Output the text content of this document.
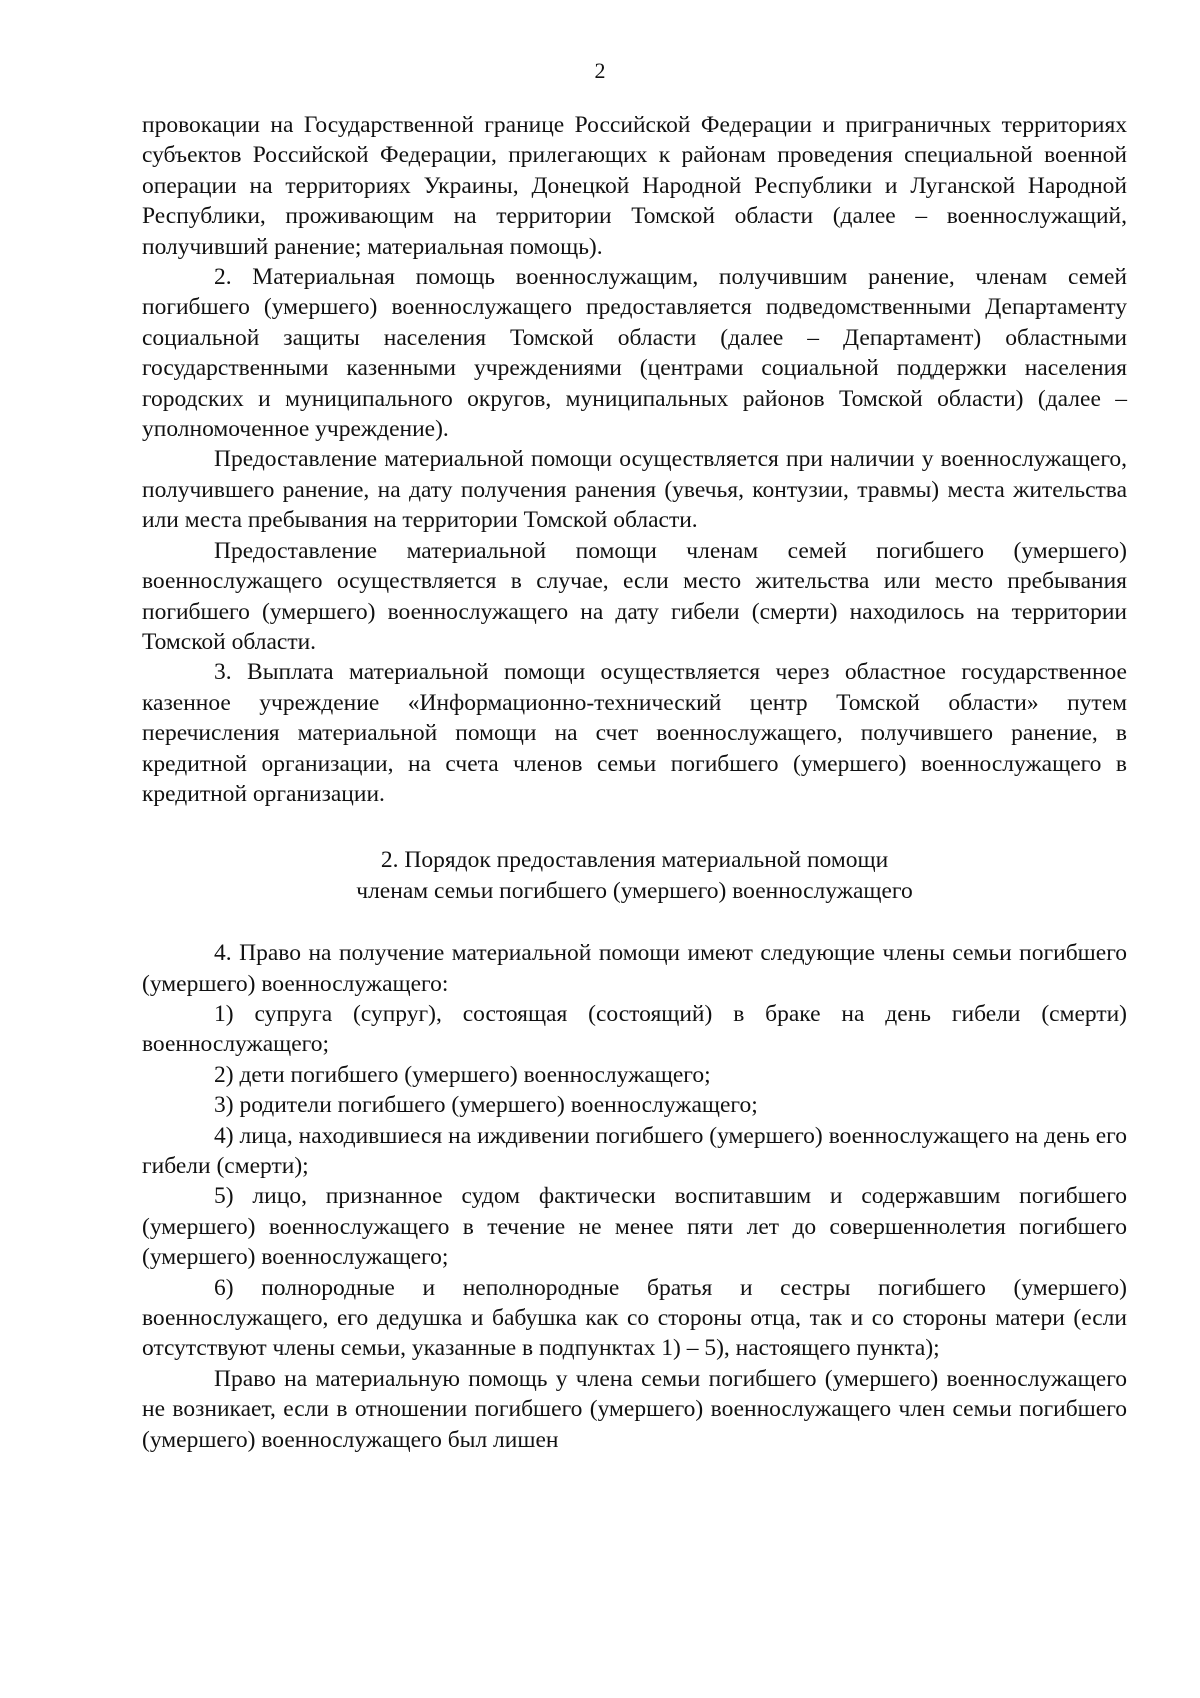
2

провокации на Государственной границе Российской Федерации и приграничных территориях субъектов Российской Федерации, прилегающих к районам проведения специальной военной операции на территориях Украины, Донецкой Народной Республики и Луганской Народной Республики, проживающим на территории Томской области (далее – военнослужащий, получивший ранение; материальная помощь).

2. Материальная помощь военнослужащим, получившим ранение, членам семей погибшего (умершего) военнослужащего предоставляется подведомственными Департаменту социальной защиты населения Томской области (далее – Департамент) областными государственными казенными учреждениями (центрами социальной поддержки населения городских и муниципального округов, муниципальных районов Томской области) (далее – уполномоченное учреждение).

Предоставление материальной помощи осуществляется при наличии у военнослужащего, получившего ранение, на дату получения ранения (увечья, контузии, травмы) места жительства или места пребывания на территории Томской области.

Предоставление материальной помощи членам семей погибшего (умершего) военнослужащего осуществляется в случае, если место жительства или место пребывания погибшего (умершего) военнослужащего на дату гибели (смерти) находилось на территории Томской области.

3. Выплата материальной помощи осуществляется через областное государственное казенное учреждение «Информационно-технический центр Томской области» путем перечисления материальной помощи на счет военнослужащего, получившего ранение, в кредитной организации, на счета членов семьи погибшего (умершего) военнослужащего в кредитной организации.

2. Порядок предоставления материальной помощи
членам семьи погибшего (умершего) военнослужащего

4. Право на получение материальной помощи имеют следующие члены семьи погибшего (умершего) военнослужащего:

1) супруга (супруг), состоящая (состоящий) в браке на день гибели (смерти) военнослужащего;

2) дети погибшего (умершего) военнослужащего;

3) родители погибшего (умершего) военнослужащего;

4) лица, находившиеся на иждивении погибшего (умершего) военнослужащего на день его гибели (смерти);

5) лицо, признанное судом фактически воспитавшим и содержавшим погибшего (умершего) военнослужащего в течение не менее пяти лет до совершеннолетия погибшего (умершего) военнослужащего;

6) полнородные и неполнородные братья и сестры погибшего (умершего) военнослужащего, его дедушка и бабушка как со стороны отца, так и со стороны матери (если отсутствуют члены семьи, указанные в подпунктах 1) – 5), настоящего пункта);

Право на материальную помощь у члена семьи погибшего (умершего) военнослужащего не возникает, если в отношении погибшего (умершего) военнослужащего член семьи погибшего (умершего) военнослужащего был лишен
